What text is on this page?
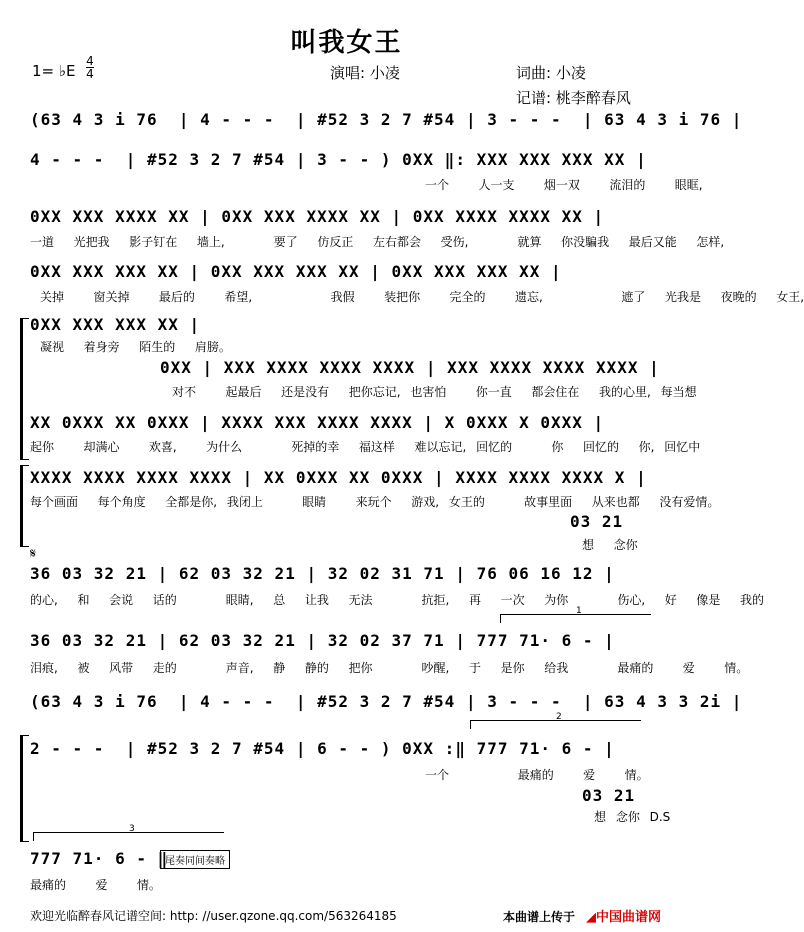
叫我女王
1= ♭E
4
4	演唱: 小凌	词曲: 小凌
记谱: 桃李醉春风
(63 4 3 i 76  | 4 - - -  | #52 3 2 7 #54 | 3 - - -  | 63 4 3 i 76 |
4 - - -  | #52 3 2 7 #54 | 3 - - ) 0XX ‖: XXX XXX XXX XX |
一个   人一支   烟一双   流泪的   眼眶,
0XX XXX XXXX XX | 0XX XXX XXXX XX | 0XX XXXX XXXX XX |
一道  光把我  影子钉在  墙上,     要了  仿反正  左右都会  受伤,     就算  你没騙我  最后又能  怎样,
0XX XXX XXX XX | 0XX XXX XXX XX | 0XX XXX XXX XX |
关掉   窗关掉   最后的   希望,        我假   装把你   完全的   遗忘,        遮了  光我是  夜晚的  女王,
0XX XXX XXX XX |
凝视  着身旁  陌生的  肩膀。
0XX | XXX XXXX XXXX XXXX | XXX XXXX XXXX XXXX |
对不   起最后  还是没有  把你忘记, 也害怕   你一直  都会住在  我的心里, 每当想
XX 0XXX XX 0XXX | XXXX XXX XXXX XXXX | X 0XXX X 0XXX |
起你   却满心   欢喜,   为什么     死掉的幸  福这样  难以忘记, 回忆的    你  回忆的  你, 回忆中
XXXX XXXX XXXX XXXX | XX 0XXX XX 0XXX | XXXX XXXX XXXX X |
每个画面  每个角度  全都是你, 我闭上    眼睛   来玩个  游戏, 女王的    故事里面  从来也都  没有爱情。
03 21
想  念你
𝄋
36 03 32 21 | 62 03 32 21 | 32 02 31 71 | 76 06 16 12 |
的心,  和  会说  话的     眼睛,  总  让我  无法     抗拒,  再  一次  为你     伤心,  好  像是  我的
1
36 03 32 21 | 62 03 32 21 | 32 02 37 71 | 777 71· 6 - |
泪痕,  被  风带  走的     声音,  静  静的  把你     吵醒,  于  是你  给我     最痛的   爱   情。
(63 4 3 i 76  | 4 - - -  | #52 3 2 7 #54 | 3 - - -  | 63 4 3 3 2i |
2
2 - - -  | #52 3 2 7 #54 | 6 - - ) 0XX :‖ 777 71· 6 - |
一个       最痛的   爱   情。
03 21
想 念你 D.S
3
777 71· 6 - ‖
最痛的   爱   情。
尾奏同间奏略
欢迎光临醉春风记谱空间: http: //user.qzone.qq.com/563264185	本曲谱上传于 ◢中国曲谱网
